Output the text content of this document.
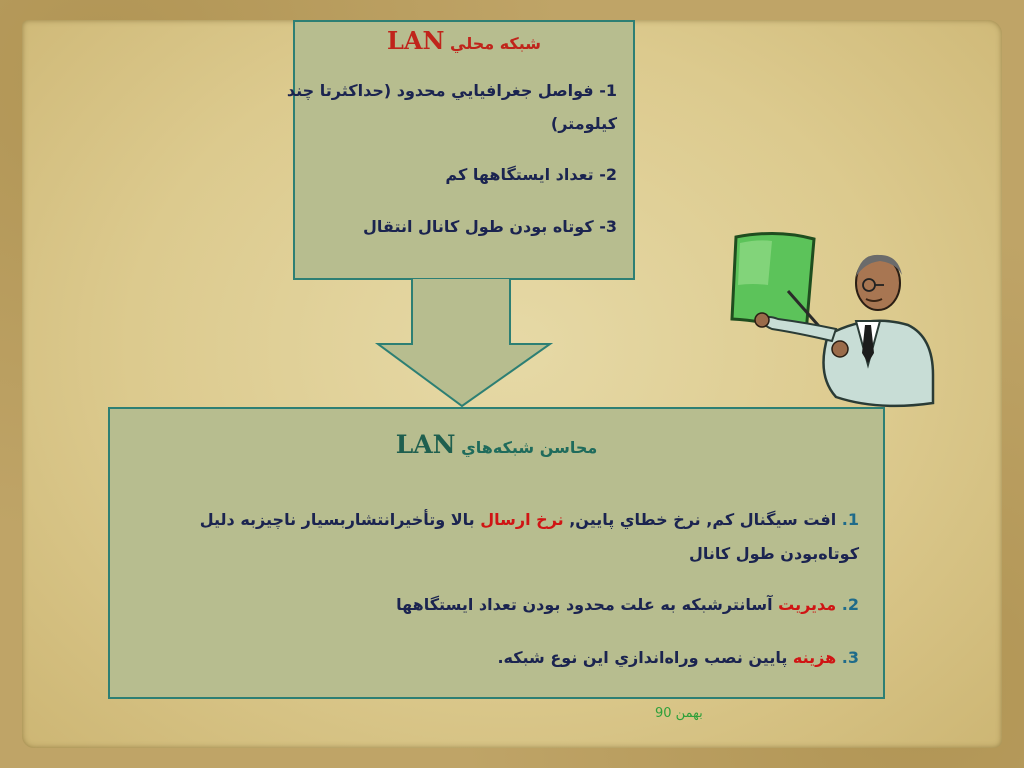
LAN شبکه محلي
1- فواصل جغرافيايي محدود (حداکثرتا چند کيلومتر)
2- تعداد ايستگاهها کم
3- کوتاه بودن طول کانال انتقال
LAN محاسن شبکه‌هاي
1. افت سيگنال کم, نرخ خطاي پايين, نرخ ارسال بالا وتأخيرانتشاربسيار ناچيزبه دليل کوتاه‌بودن طول کانال
2. مديريت آسانترشبکه به علت محدود بودن تعداد ايستگاهها
3. هزينه پايين نصب وراه‌اندازي اين نوع شبکه.
بهمن 90
